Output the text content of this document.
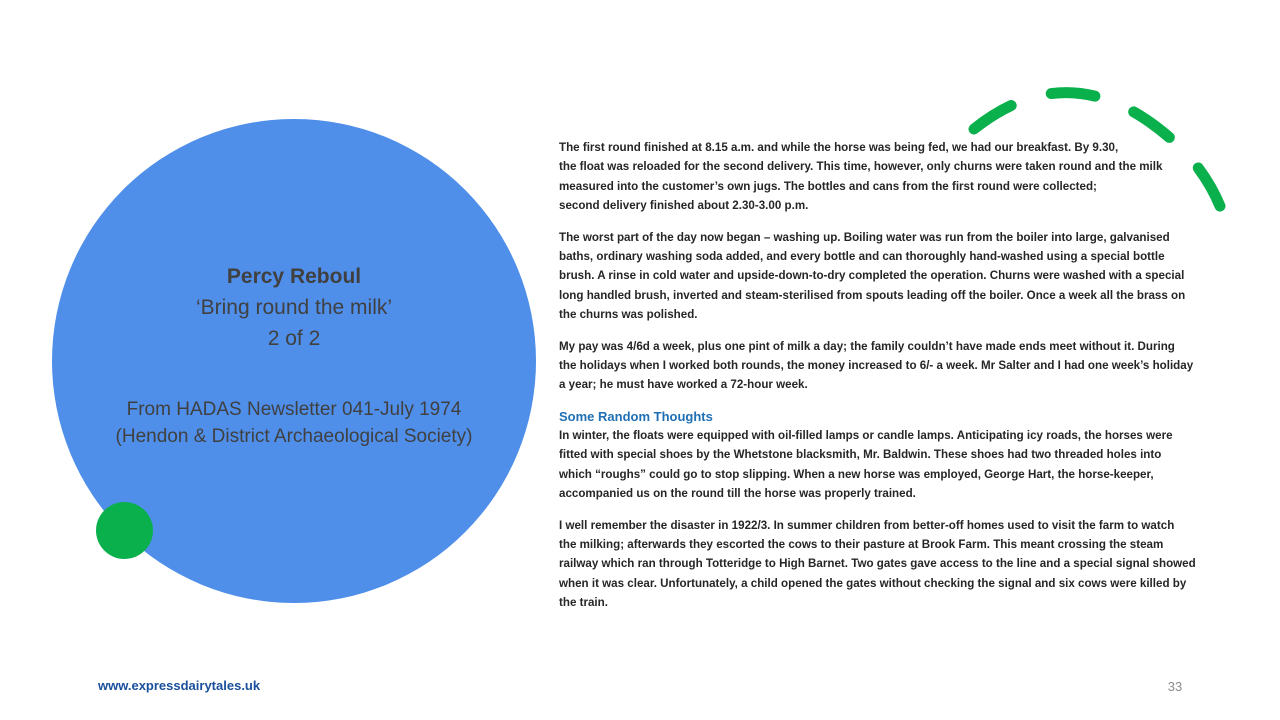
Percy Reboul
‘Bring round the milk’
2 of 2
From HADAS Newsletter 041-July 1974
(Hendon & District Archaeological Society)

The first round finished at 8.15 a.m. and while the horse was being fed, we had our breakfast. By 9.30,
the float was reloaded for the second delivery. This time, however, only churns were taken round and the milk
measured into the customer’s own jugs. The bottles and cans from the first round were collected;
second delivery finished about 2.30-3.00 p.m.

The worst part of the day now began – washing up. Boiling water was run from the boiler into large, galvanised
baths, ordinary washing soda added, and every bottle and can thoroughly hand-washed using a special bottle
brush. A rinse in cold water and upside-down-to-dry completed the operation. Churns were washed with a special
long handled brush, inverted and steam-sterilised from spouts leading off the boiler. Once a week all the brass on
the churns was polished.

My pay was 4/6d a week, plus one pint of milk a day; the family couldn’t have made ends meet without it. During
the holidays when I worked both rounds, the money increased to 6/- a week. Mr Salter and I had one week’s holiday
a year; he must have worked a 72-hour week.

Some Random Thoughts

In winter, the floats were equipped with oil-filled lamps or candle lamps. Anticipating icy roads, the horses were
fitted with special shoes by the Whetstone blacksmith, Mr. Baldwin. These shoes had two threaded holes into
which “roughs” could go to stop slipping. When a new horse was employed, George Hart, the horse-keeper,
accompanied us on the round till the horse was properly trained.

I well remember the disaster in 1922/3. In summer children from better-off homes used to visit the farm to watch
the milking; afterwards they escorted the cows to their pasture at Brook Farm. This meant crossing the steam
railway which ran through Totteridge to High Barnet. Two gates gave access to the line and a special signal showed
when it was clear. Unfortunately, a child opened the gates without checking the signal and six cows were killed by
the train.

www.expressdairytales.uk	33
